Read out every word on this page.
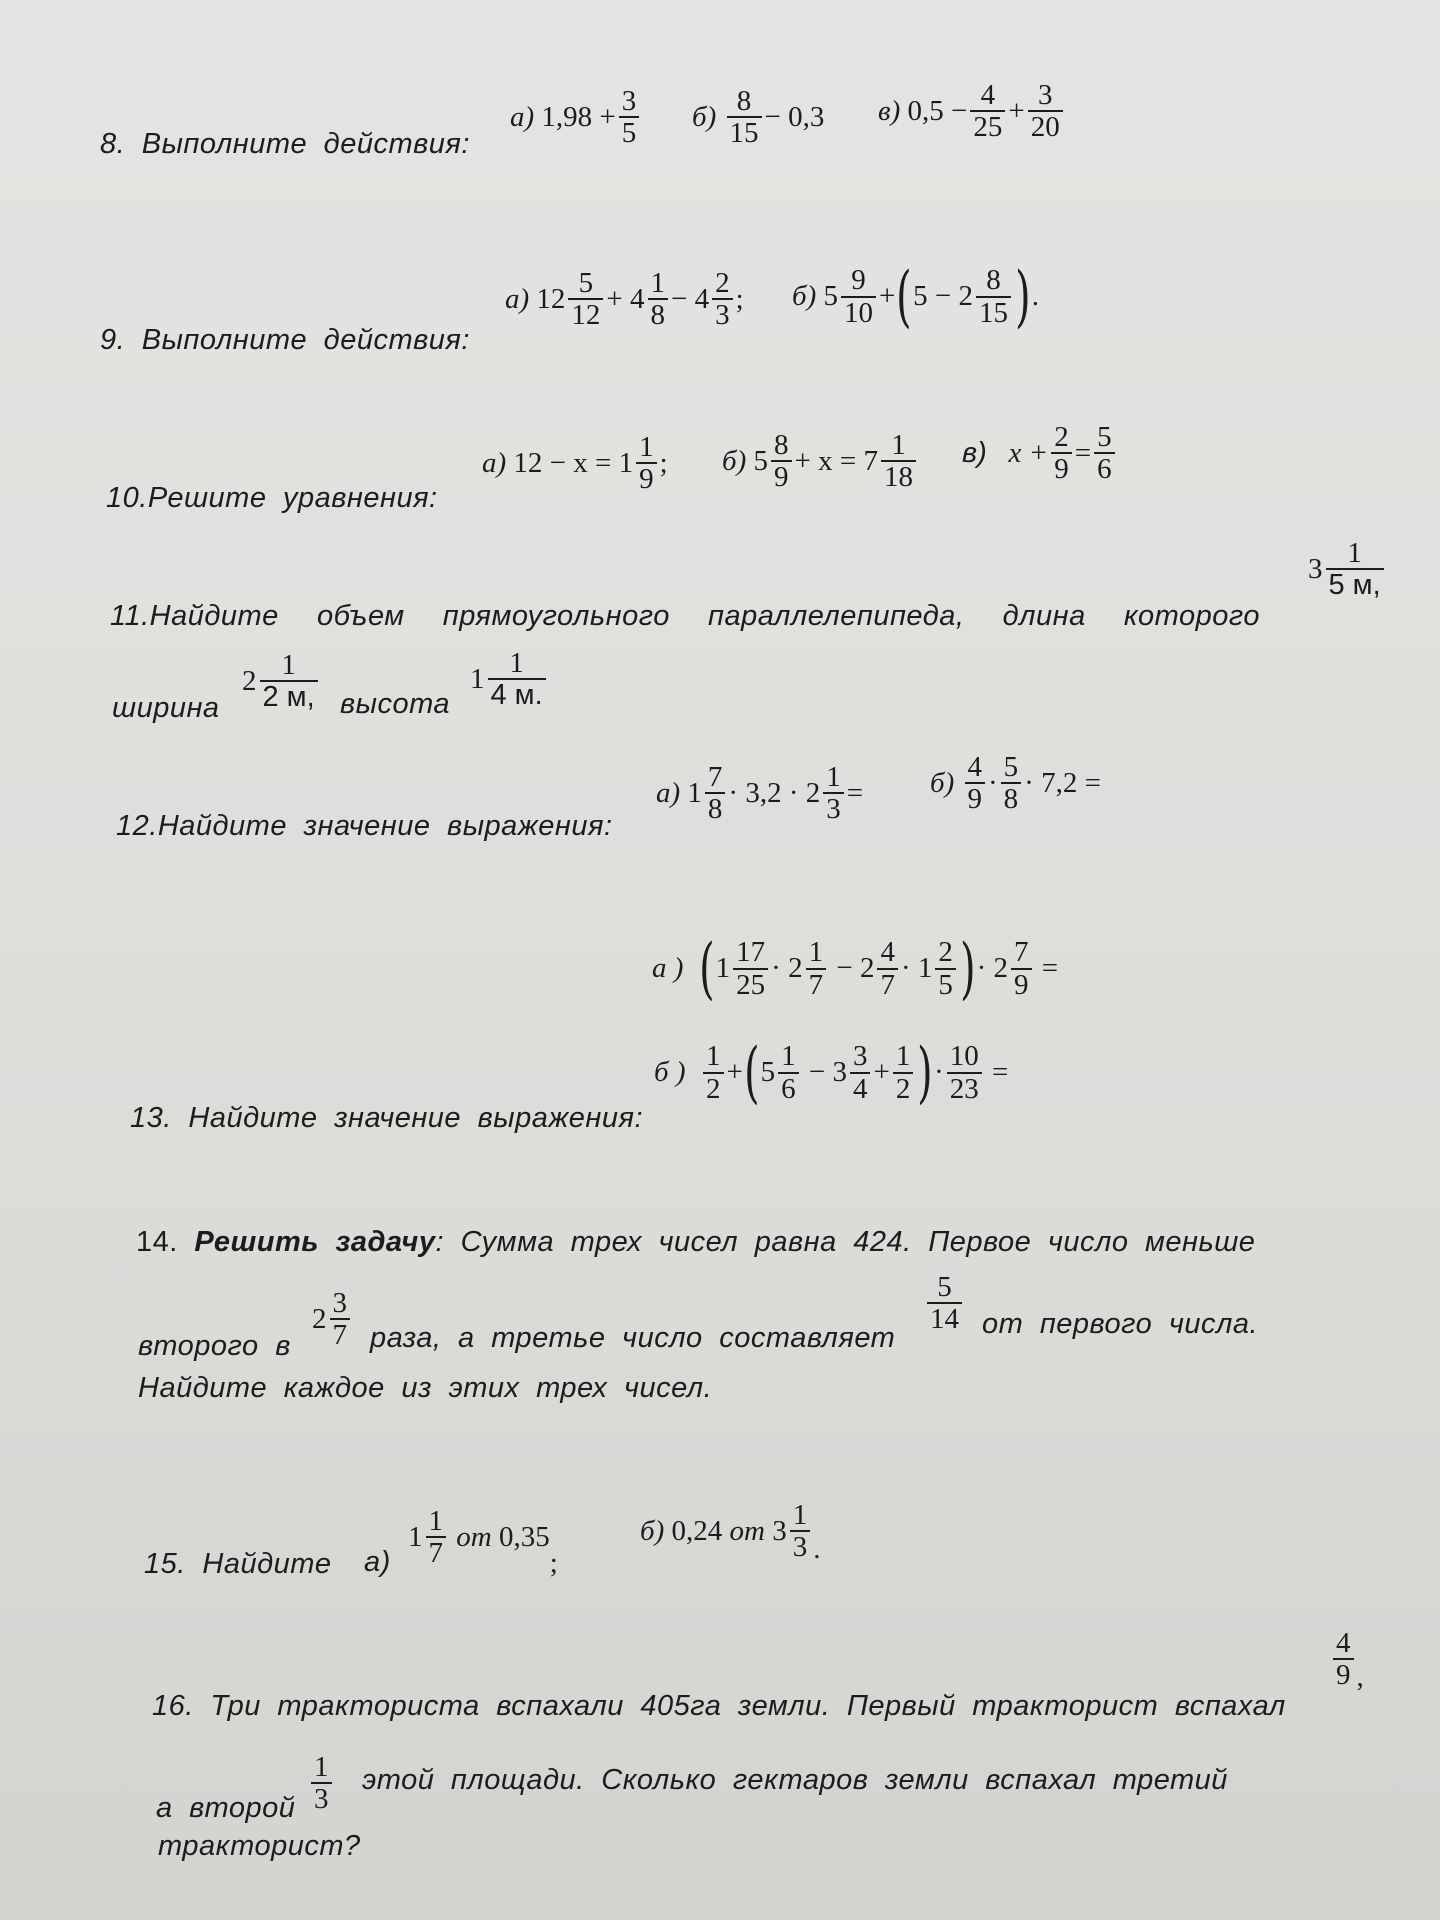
8. Выполните действия:
а)
$1,98 + \frac{3}{5} б$)
8
15
− 0,3 в)
$0,5 - \frac{4}{25} + \frac{3}{20}$
9. Выполните действия:
а)
12 5
12
+ 4 1
8
− 4 2
3
; б)
5 9
10
+ ( 5 − 2 8
15 ) .
10.Решите уравнения:
а)
12 − x = 1 1
9
; б)
5 8
9
+ x = 7 1
18
в)
$x + \frac{2}{9} = \frac{5}{6}$
11.Найдите объем прямоугольного параллелепипеда, длина которого
3 1
5 м,
ширина
2 1
2 м, высота
1 1
4 м.
12.Найдите значение выражения:
а)
1 7
8
· $3,2 \cdot 2 \frac{1}{3} = б$)
4
9
· 5
8
· 7,2 =
а )
( 1 17
25
· 2 1
7

− 2 4
7
· 1 2
5 ) · $2 \frac{7}{9}$
=
б )
1
2
+ ( 5 1
6

− 3 3
4
+ $\frac{1}{2}$ ) · $\frac{10}{23}$
=
13. Найдите значение выражения:
14. Решить задачу: Сумма трех чисел равна 424. Первое число меньше
второго в
2 3
7 раза, а третье число составляет
5
14 от первого числа.
Найдите каждое из этих трех чисел.
15. Найдите а)
1 1
7

от
0,35
;
б)
0,24
от
3 1
3 .
16. Три тракториста вспахали 405га земли. Первый тракторист вспахал
4
9 ,
а второй
1
3
этой площади. Сколько гектаров земли вспахал третий
тракторист?
